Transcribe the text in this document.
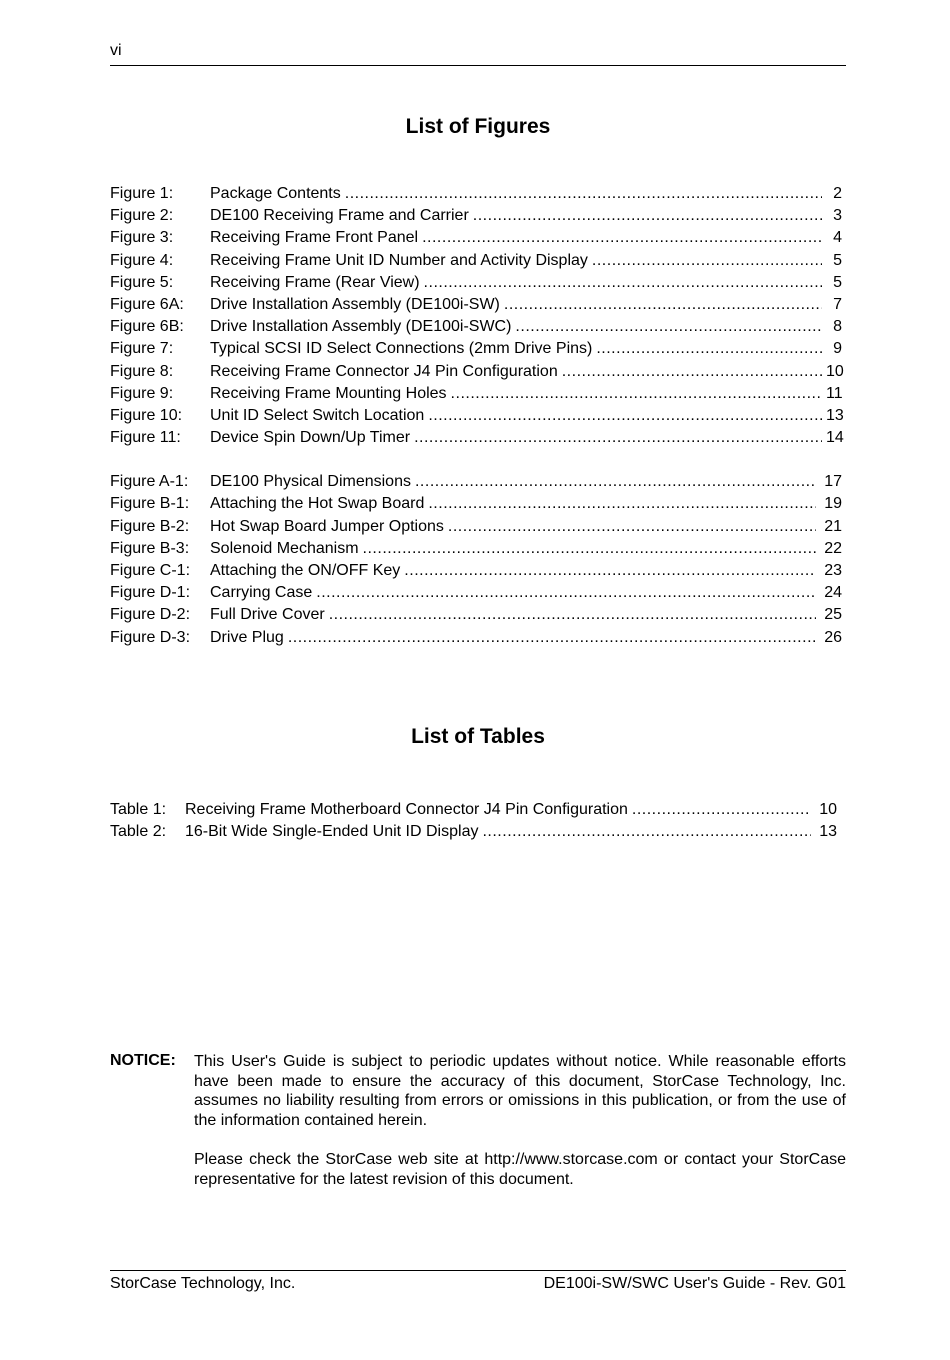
vi
List of Figures
Figure 1:	Package Contents .....	2
Figure 2:	DE100 Receiving Frame and Carrier .....	3
Figure 3:	Receiving Frame Front Panel .....	4
Figure 4:	Receiving Frame Unit ID Number and Activity Display .....	5
Figure 5:	Receiving Frame (Rear View) .....	5
Figure 6A:	Drive Installation Assembly (DE100i-SW) .....	7
Figure 6B:	Drive Installation Assembly (DE100i-SWC) .....	8
Figure 7:	Typical SCSI ID Select Connections (2mm Drive Pins) .....	9
Figure 8:	Receiving Frame Connector J4 Pin Configuration .....	10
Figure 9:	Receiving Frame Mounting Holes .....	11
Figure 10:	Unit ID Select Switch Location .....	13
Figure 11:	Device Spin Down/Up Timer .....	14
Figure A-1:	DE100 Physical Dimensions .....	17
Figure B-1:	Attaching the Hot Swap Board .....	19
Figure B-2:	Hot Swap Board Jumper Options .....	21
Figure B-3:	Solenoid Mechanism .....	22
Figure C-1:	Attaching the ON/OFF Key .....	23
Figure D-1:	Carrying Case .....	24
Figure D-2:	Full Drive Cover .....	25
Figure D-3:	Drive Plug .....	26
List of Tables
Table 1:	Receiving Frame Motherboard Connector J4 Pin Configuration .....	10
Table 2:	16-Bit Wide Single-Ended Unit ID Display .....	13
NOTICE: This User's Guide is subject to periodic updates without notice. While reasonable efforts have been made to ensure the accuracy of this document, StorCase Technology, Inc. assumes no liability resulting from errors or omissions in this publication, or from the use of the information contained herein.

Please check the StorCase web site at http://www.storcase.com or contact your StorCase representative for the latest revision of this document.

StorCase Technology, Inc.	DE100i-SW/SWC User's Guide - Rev. G01
